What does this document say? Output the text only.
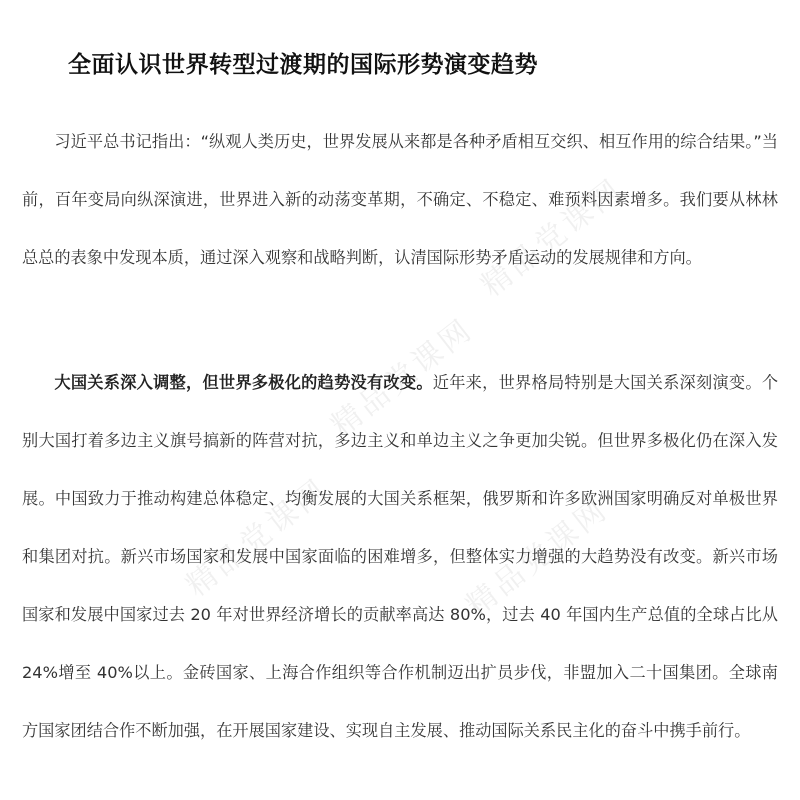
精品党课网
精品党课网	精品党课网
精品党课网
全面认识世界转型过渡期的国际形势演变趋势

习近平总书记指出：“纵观人类历史，世界发展从来都是各种矛盾相互交织、相互作用的综合结果。”当前，百年变局向纵深演进，世界进入新的动荡变革期，不确定、不稳定、难预料因素增多。我们要从林林总总的表象中发现本质，通过深入观察和战略判断，认清国际形势矛盾运动的发展规律和方向。

大国关系深入调整，但世界多极化的趋势没有改变。近年来，世界格局特别是大国关系深刻演变。个别大国打着多边主义旗号搞新的阵营对抗，多边主义和单边主义之争更加尖锐。但世界多极化仍在深入发展。中国致力于推动构建总体稳定、均衡发展的大国关系框架，俄罗斯和许多欧洲国家明确反对单极世界和集团对抗。新兴市场国家和发展中国家面临的困难增多，但整体实力增强的大趋势没有改变。新兴市场国家和发展中国家过去 20 年对世界经济增长的贡献率高达 80%，过去 40 年国内生产总值的全球占比从 24%增至 40%以上。金砖国家、上海合作组织等合作机制迈出扩员步伐，非盟加入二十国集团。全球南方国家团结合作不断加强，在开展国家建设、实现自主发展、推动国际关系民主化的奋斗中携手前行。
